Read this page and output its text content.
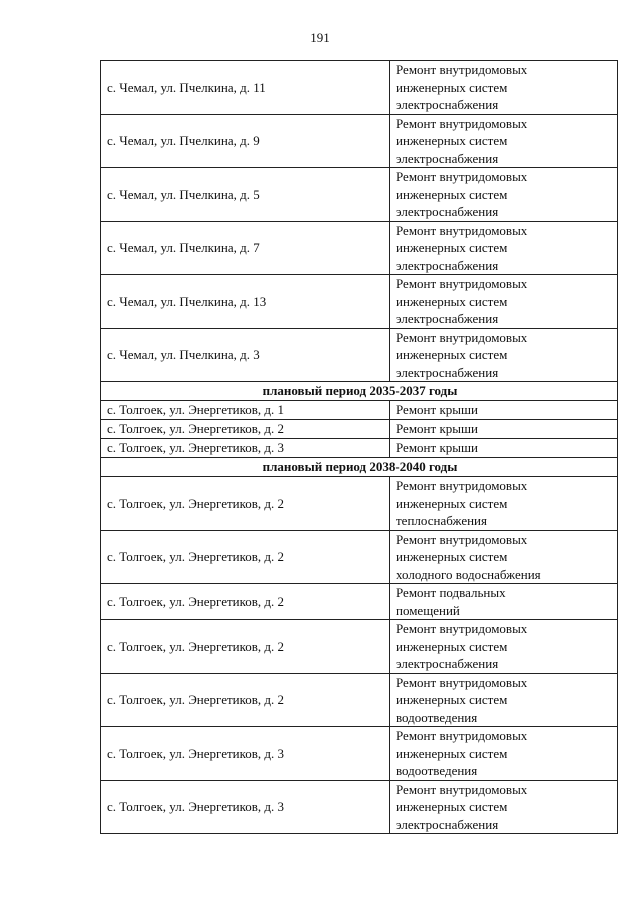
191
с. Чемал, ул. Пчелкина, д. 11	Ремонт внутридомовых
инженерных систем
электроснабжения

с. Чемал, ул. Пчелкина, д. 9	Ремонт внутридомовых
инженерных систем
электроснабжения

с. Чемал, ул. Пчелкина, д. 5	Ремонт внутридомовых
инженерных систем
электроснабжения

с. Чемал, ул. Пчелкина, д. 7	Ремонт внутридомовых
инженерных систем
электроснабжения

с. Чемал, ул. Пчелкина, д. 13	Ремонт внутридомовых
инженерных систем
электроснабжения

с. Чемал, ул. Пчелкина, д. 3	Ремонт внутридомовых
инженерных систем
электроснабжения

плановый период 2035-2037 годы	
с. Толгоек, ул. Энергетиков, д. 1	Ремонт крыши

с. Толгоек, ул. Энергетиков, д. 2	Ремонт крыши

с. Толгоек, ул. Энергетиков, д. 3	Ремонт крыши

плановый период 2038-2040 годы	
с. Толгоек, ул. Энергетиков, д. 2	Ремонт внутридомовых
инженерных систем
теплоснабжения

с. Толгоек, ул. Энергетиков, д. 2	Ремонт внутридомовых
инженерных систем
холодного водоснабжения

с. Толгоек, ул. Энергетиков, д. 2	Ремонт подвальных
помещений

с. Толгоек, ул. Энергетиков, д. 2	Ремонт внутридомовых
инженерных систем
электроснабжения

с. Толгоек, ул. Энергетиков, д. 2	Ремонт внутридомовых
инженерных систем
водоотведения

с. Толгоек, ул. Энергетиков, д. 3	Ремонт внутридомовых
инженерных систем
водоотведения

с. Толгоек, ул. Энергетиков, д. 3	Ремонт внутридомовых
инженерных систем
электроснабжения
